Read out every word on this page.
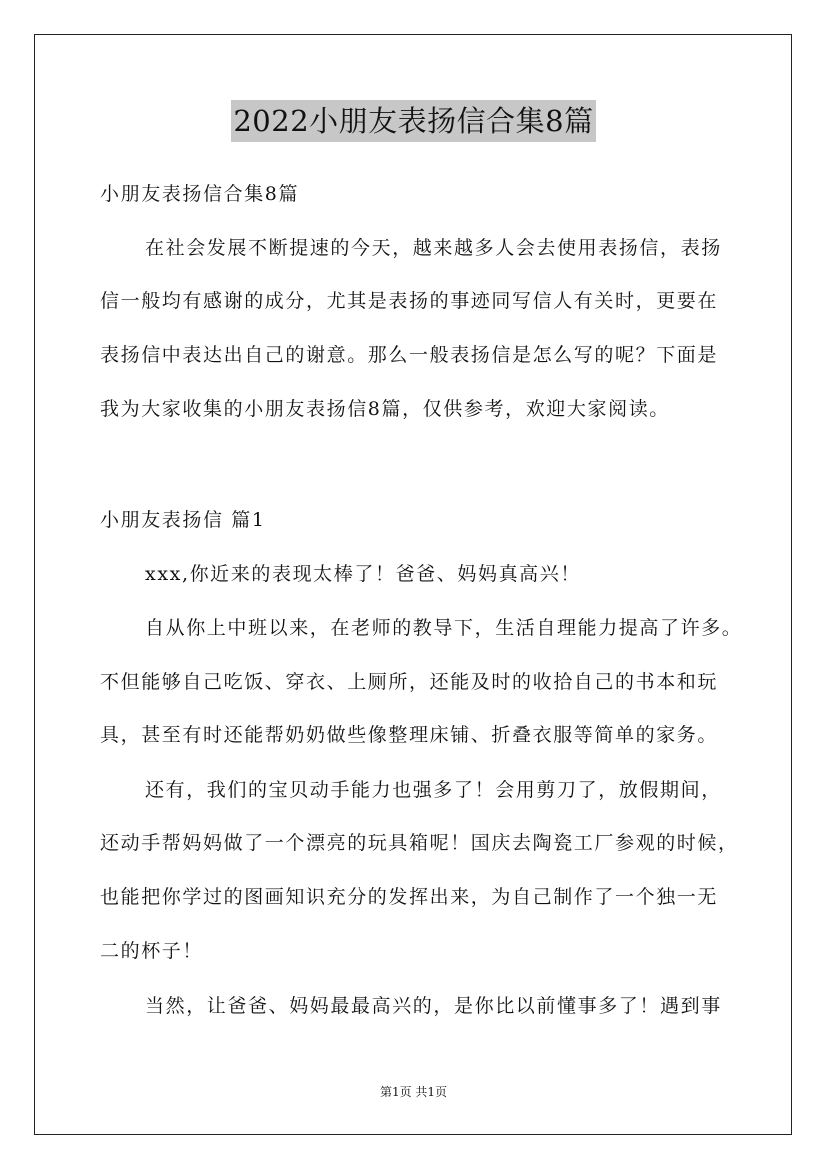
2022小朋友表扬信合集8篇
小朋友表扬信合集8篇
在社会发展不断提速的今天，越来越多人会去使用表扬信，表扬
信一般均有感谢的成分，尤其是表扬的事迹同写信人有关时，更要在
表扬信中表达出自己的谢意。那么一般表扬信是怎么写的呢？下面是
我为大家收集的小朋友表扬信8篇，仅供参考，欢迎大家阅读。
小朋友表扬信 篇1
xxx,你近来的表现太棒了！爸爸、妈妈真高兴！
自从你上中班以来，在老师的教导下，生活自理能力提高了许多。
不但能够自己吃饭、穿衣、上厕所，还能及时的收拾自己的书本和玩
具，甚至有时还能帮奶奶做些像整理床铺、折叠衣服等简单的家务。
还有，我们的宝贝动手能力也强多了！会用剪刀了，放假期间，
还动手帮妈妈做了一个漂亮的玩具箱呢！国庆去陶瓷工厂参观的时候，
也能把你学过的图画知识充分的发挥出来，为自己制作了一个独一无
二的杯子！
当然，让爸爸、妈妈最最高兴的，是你比以前懂事多了！遇到事
第1页 共1页
